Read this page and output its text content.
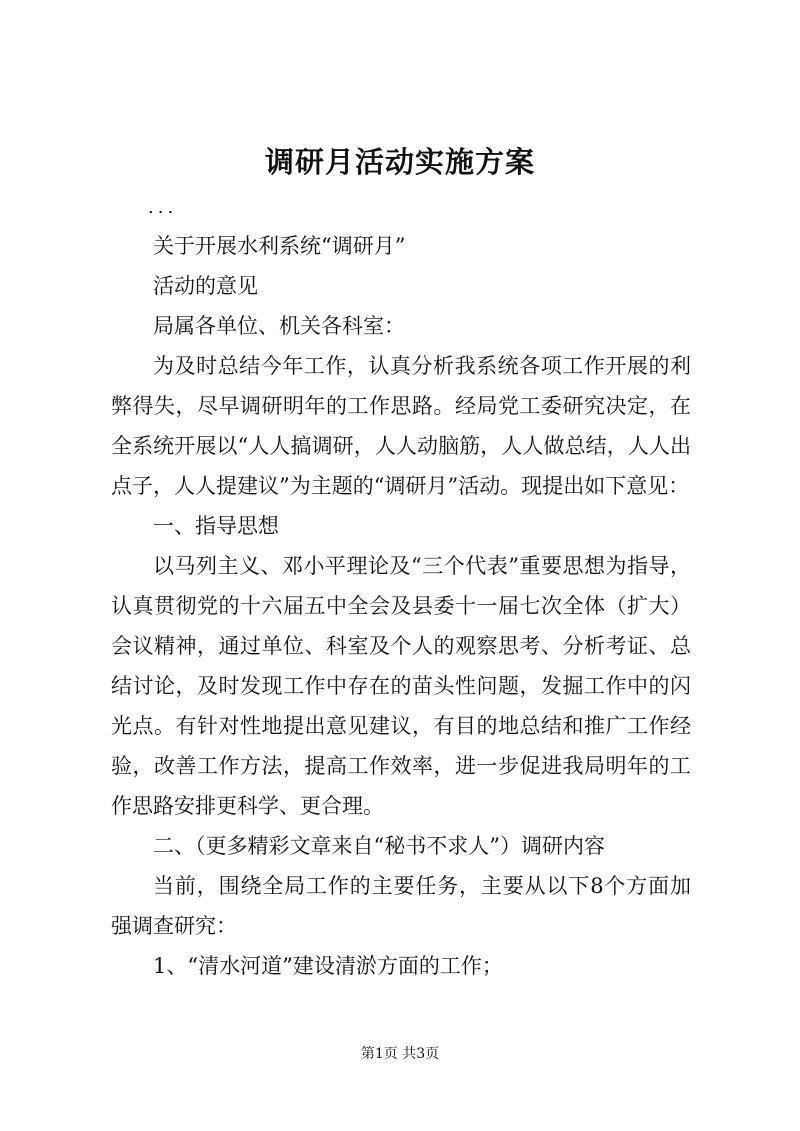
调研月活动实施方案
...

关于开展水利系统“调研月”

活动的意见

局属各单位、机关各科室：

为及时总结今年工作，认真分析我系统各项工作开展的利弊得失，尽早调研明年的工作思路。经局党工委研究决定，在全系统开展以“人人搞调研，人人动脑筋，人人做总结，人人出点子，人人提建议”为主题的“调研月”活动。现提出如下意见：

一、指导思想

以马列主义、邓小平理论及“三个代表”重要思想为指导，认真贯彻党的十六届五中全会及县委十一届七次全体（扩大）会议精神，通过单位、科室及个人的观察思考、分析考证、总结讨论，及时发现工作中存在的苗头性问题，发掘工作中的闪光点。有针对性地提出意见建议，有目的地总结和推广工作经验，改善工作方法，提高工作效率，进一步促进我局明年的工作思路安排更科学、更合理。

二、（更多精彩文章来自“秘书不求人”）调研内容

当前，围绕全局工作的主要任务，主要从以下8个方面加强调查研究：

1、“清水河道”建设清淤方面的工作；

第1页 共3页
